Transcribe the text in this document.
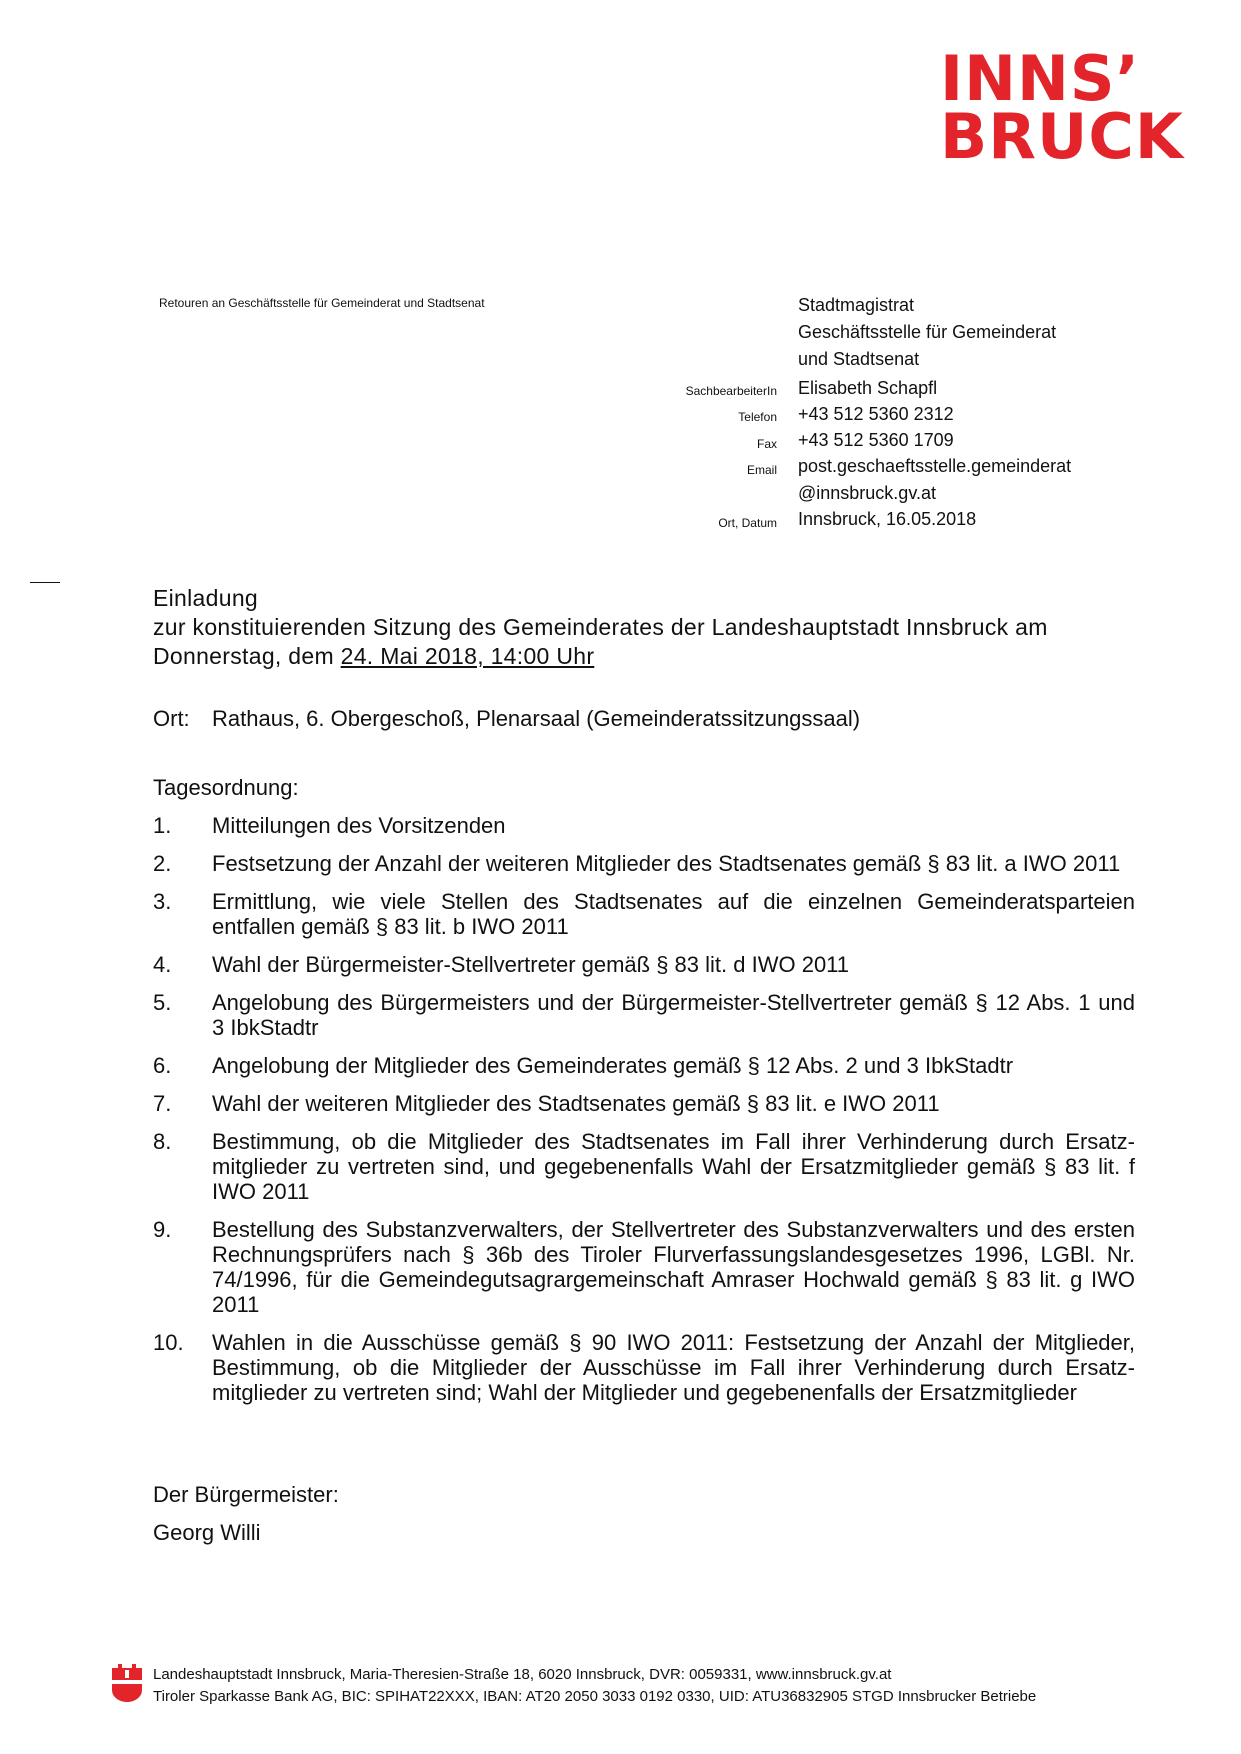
INNS’
BRUCK
Retouren an Geschäftsstelle für Gemeinderat und Stadtsenat	Stadtmagistrat
Geschäftsstelle für Gemeinderat
und Stadtsenat
SachbearbeiterIn
Telefon
Fax
Email
Ort, Datum
Elisabeth Schapfl
+43 512 5360 2312
+43 512 5360 1709
post.geschaeftsstelle.gemeinderat
@innsbruck.gv.at
Innsbruck, 16.05.2018
Einladung
zur konstituierenden Sitzung des Gemeinderates der Landeshauptstadt Innsbruck am
Donnerstag, dem 24. Mai 2018, 14:00 Uhr
Ort: Rathaus, 6. Obergeschoß, Plenarsaal (Gemeinderatssitzungssaal)
Tagesordnung:
1. Mitteilungen des Vorsitzenden
2. Festsetzung der Anzahl der weiteren Mitglieder des Stadtsenates gemäß § 83 lit. a IWO 2011
3. Ermittlung, wie viele Stellen des Stadtsenates auf die einzelnen Gemeinderatsparteien entfallen gemäß § 83 lit. b IWO 2011
4. Wahl der Bürgermeister-Stellvertreter gemäß § 83 lit. d IWO 2011
5. Angelobung des Bürgermeisters und der Bürgermeister-Stellvertreter gemäß § 12 Abs. 1 und 3 IbkStadtr
6. Angelobung der Mitglieder des Gemeinderates gemäß § 12 Abs. 2 und 3 IbkStadtr
7. Wahl der weiteren Mitglieder des Stadtsenates gemäß § 83 lit. e IWO 2011
8. Bestimmung, ob die Mitglieder des Stadtsenates im Fall ihrer Verhinderung durch Ersatzmitglieder zu vertreten sind, und gegebenenfalls Wahl der Ersatzmitglieder gemäß § 83 lit. f IWO 2011
9. Bestellung des Substanzverwalters, der Stellvertreter des Substanzverwalters und des ersten Rechnungsprüfers nach § 36b des Tiroler Flurverfassungslandesgesetzes 1996, LGBl. Nr. 74/1996, für die Gemeindegutsagrargemeinschaft Amraser Hochwald gemäß § 83 lit. g IWO 2011
10. Wahlen in die Ausschüsse gemäß § 90 IWO 2011: Festsetzung der Anzahl der Mitglieder, Bestimmung, ob die Mitglieder der Ausschüsse im Fall ihrer Verhinderung durch Ersatzmitglieder zu vertreten sind; Wahl der Mitglieder und gegebenenfalls der Ersatzmitglieder
Der Bürgermeister:
Georg Willi
Landeshauptstadt Innsbruck, Maria-Theresien-Straße 18, 6020 Innsbruck, DVR: 0059331, www.innsbruck.gv.at
Tiroler Sparkasse Bank AG, BIC: SPIHAT22XXX, IBAN: AT20 2050 3033 0192 0330, UID: ATU36832905 STGD Innsbrucker Betriebe
